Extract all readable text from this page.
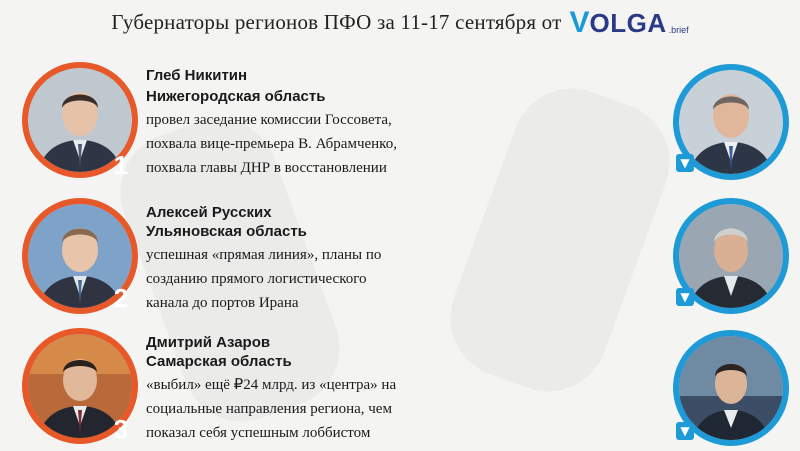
Губернаторы регионов ПФО за 11-17 сентября от V OLGA .brief
1
Глеб Никитин
Нижегородская область
провел заседание комиссии Госсовета,
похвала вице-премьера В. Абрамченко,
похвала главы ДНР в восстановлении
2
Алексей Русских
Ульяновская область
успешная «прямая линия», планы по
созданию прямого логистического
канала до портов Ирана
3
Дмитрий Азаров
Самарская область
«выбил» ещё ₽24 млрд. из «центра» на
социальные направления региона, чем
показал себя успешным лоббистом
▼
▼
▼
